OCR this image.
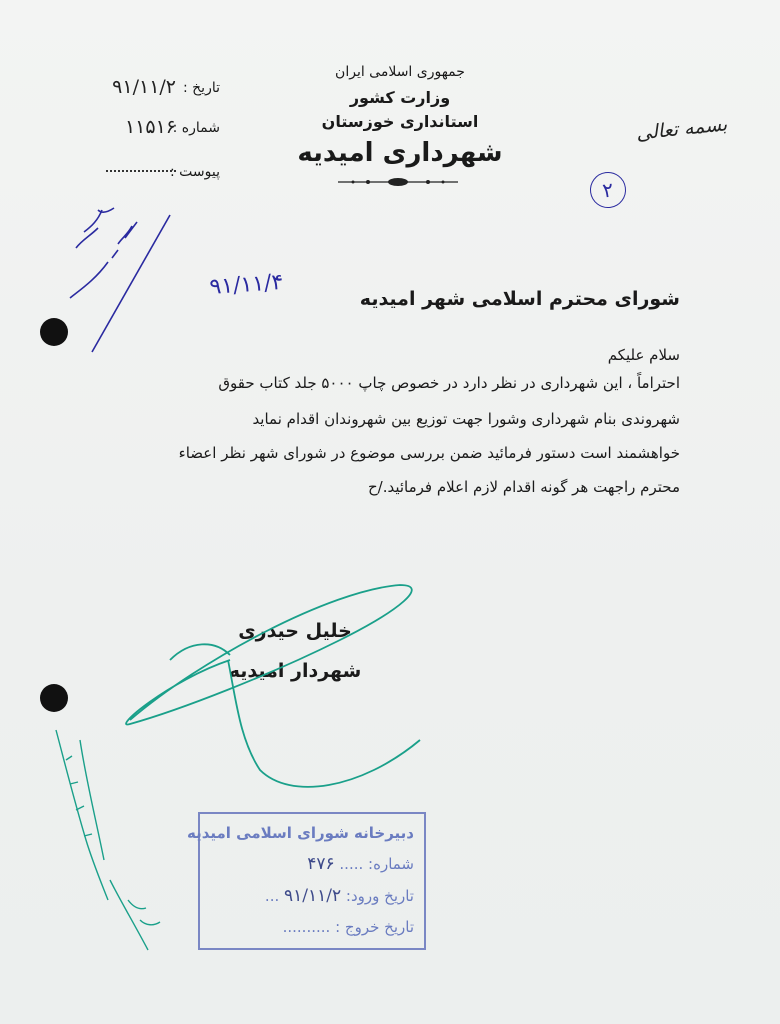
جمهوری اسلامی ایران
وزارت کشور
استانداری خوزستان
شهرداری امیدیه
تاریخ :
۹۱/۱۱/۲
شماره :
۱۱۵۱۶
پیوست :
بسمه تعالی
۲
شورای محترم اسلامی شهر امیدیه
سلام علیکم
احتراماً ، این شهرداری در نظر دارد در خصوص چاپ ۵۰۰۰ جلد کتاب حقوق
شهروندی بنام شهرداری وشورا جهت توزیع بین شهروندان اقدام نماید
خواهشمند است دستور فرمائید ضمن بررسی موضوع در شورای شهر نظر اعضاء
محترم راجهت هر گونه اقدام لازم اعلام فرمائید./ح
خلیل حیدری
شهردار امیدیه
دبیرخانه شورای اسلامی امیدیه
شماره: ..... ۴۷۶
تاریخ ورود: ۹۱/۱۱/۲ ...
تاریخ خروج : ..........
۹۱/۱۱/۴
